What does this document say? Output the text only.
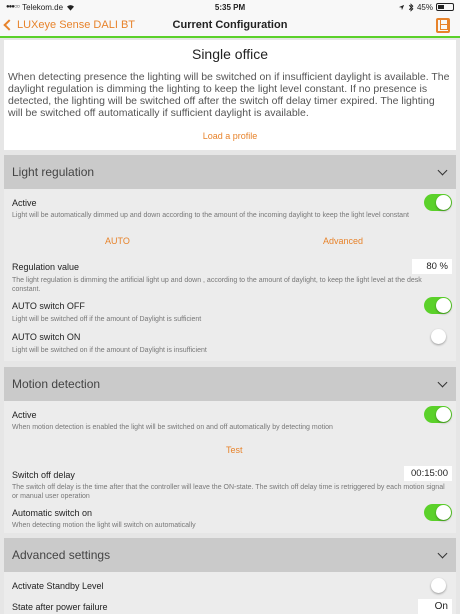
●●●○○ Telekom.de	5:35 PM	45%
LUXeye Sense DALI BT	Current Configuration
Single office
When detecting presence the lighting will be switched on if insufficient daylight is available. The daylight regulation is dimming the lighting to keep the light level constant. If no presence is detected, the lighting will be switched off after the switch off delay timer expired. The lighting will be switched off automatically if sufficient daylight is available.
Load a profile
Light regulation
Active
Light will be automatically dimmed up and down according to the amount of the incoming daylight to keep the light level constant
AUTO	Advanced
Regulation value	80 %
The light regulation is dimming the artificial light up and down , according to the amount of daylight, to keep the light level at the desk constant.
AUTO switch OFF
Light will be switched off if the amount of Daylight is sufficient
AUTO switch ON
Light will be switched on if the amount of Daylight is insufficient
Motion detection
Active
When motion detection is enabled the light will be switched on and off automatically by detecting motion
Test
Switch off delay	00:15:00
The switch off delay is the time after that the controller will leave the ON-state. The switch off delay time is retriggered by each motion signal or manual user operation
Automatic switch on
When detecting motion the light will switch on automatically
Advanced settings
Activate Standby Level
State after power failure	On
